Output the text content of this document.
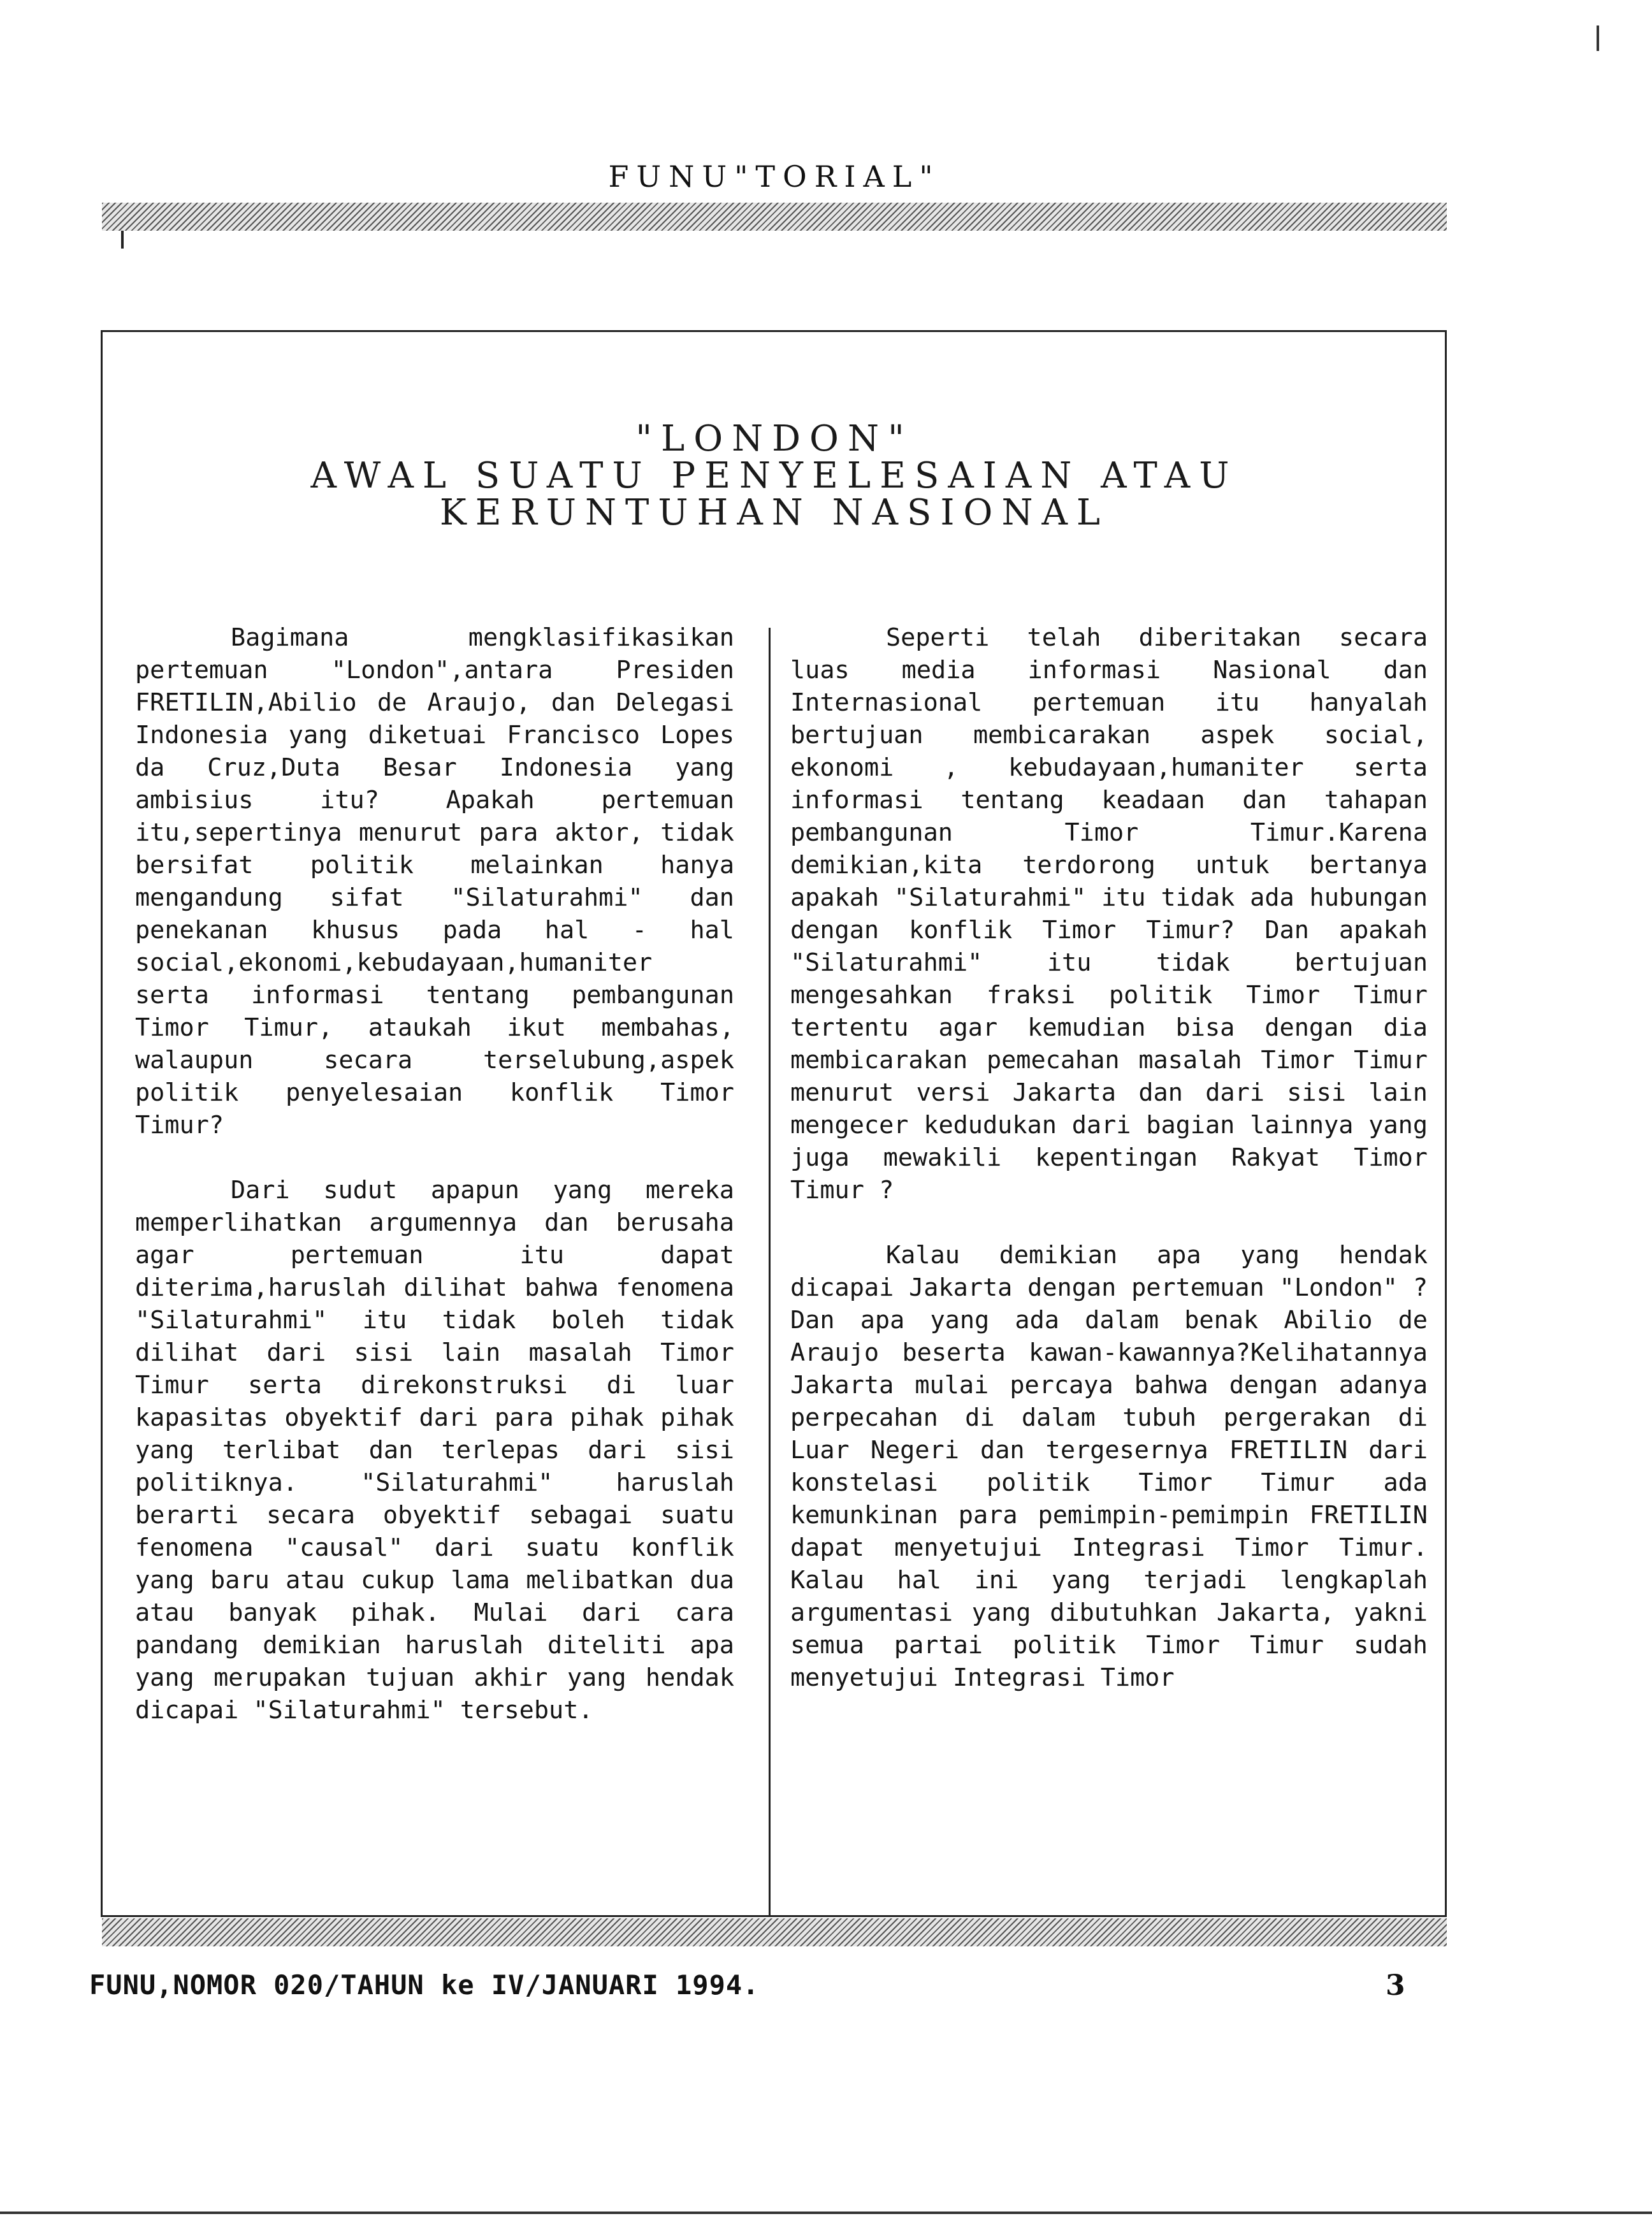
FUNU"TORIAL"
"LONDON"
AWAL SUATU PENYELESAIAN ATAU
KERUNTUHAN NASIONAL

Bagimana mengklasifikasikan pertemuan "London",antara Presiden FRETILIN,Abilio de Araujo, dan Delegasi Indonesia yang diketuai Francisco Lopes da Cruz,Duta Besar Indonesia yang ambisius itu? Apakah pertemuan itu,sepertinya menurut para aktor, tidak bersifat politik melainkan hanya mengandung sifat "Silaturahmi" dan penekanan khusus pada hal - hal social,ekonomi,kebudayaan,humaniter serta informasi tentang pembangunan Timor Timur, ataukah ikut membahas, walaupun secara terselubung,aspek politik penyelesaian konflik Timor Timur?

Dari sudut apapun yang mereka memperlihatkan argumennya dan berusaha agar pertemuan itu dapat diterima,haruslah dilihat bahwa fenomena "Silaturahmi" itu tidak boleh tidak dilihat dari sisi lain masalah Timor Timur serta direkonstruksi di luar kapasitas obyektif dari para pihak pihak yang terlibat dan terlepas dari sisi politiknya. "Silaturahmi" haruslah berarti secara obyektif sebagai suatu fenomena "causal" dari suatu konflik yang baru atau cukup lama melibatkan dua atau banyak pihak. Mulai dari cara pandang demikian haruslah diteliti apa yang merupakan tujuan akhir yang hendak dicapai "Silaturahmi" tersebut.

Seperti telah diberitakan secara luas media informasi Nasional dan Internasional pertemuan itu hanyalah bertujuan membicarakan aspek social, ekonomi , kebudayaan,humaniter serta informasi tentang keadaan dan tahapan pembangunan Timor Timur.Karena demikian,kita terdorong untuk bertanya apakah "Silaturahmi" itu tidak ada hubungan dengan konflik Timor Timur? Dan apakah "Silaturahmi" itu tidak bertujuan mengesahkan fraksi politik Timor Timur tertentu agar kemudian bisa dengan dia membicarakan pemecahan masalah Timor Timur menurut versi Jakarta dan dari sisi lain mengecer kedudukan dari bagian lainnya yang juga mewakili kepentingan Rakyat Timor Timur ?

Kalau demikian apa yang hendak dicapai Jakarta dengan pertemuan "London" ? Dan apa yang ada dalam benak Abilio de Araujo beserta kawan-kawannya?Kelihatannya Jakarta mulai percaya bahwa dengan adanya perpecahan di dalam tubuh pergerakan di Luar Negeri dan tergesernya FRETILIN dari konstelasi politik Timor Timur ada kemunkinan para pemimpin-pemimpin FRETILIN dapat menyetujui Integrasi Timor Timur. Kalau hal ini yang terjadi lengkaplah argumentasi yang dibutuhkan Jakarta, yakni semua partai politik Timor Timur sudah menyetujui Integrasi Timor

FUNU,NOMOR 020/TAHUN ke IV/JANUARI 1994.	3
